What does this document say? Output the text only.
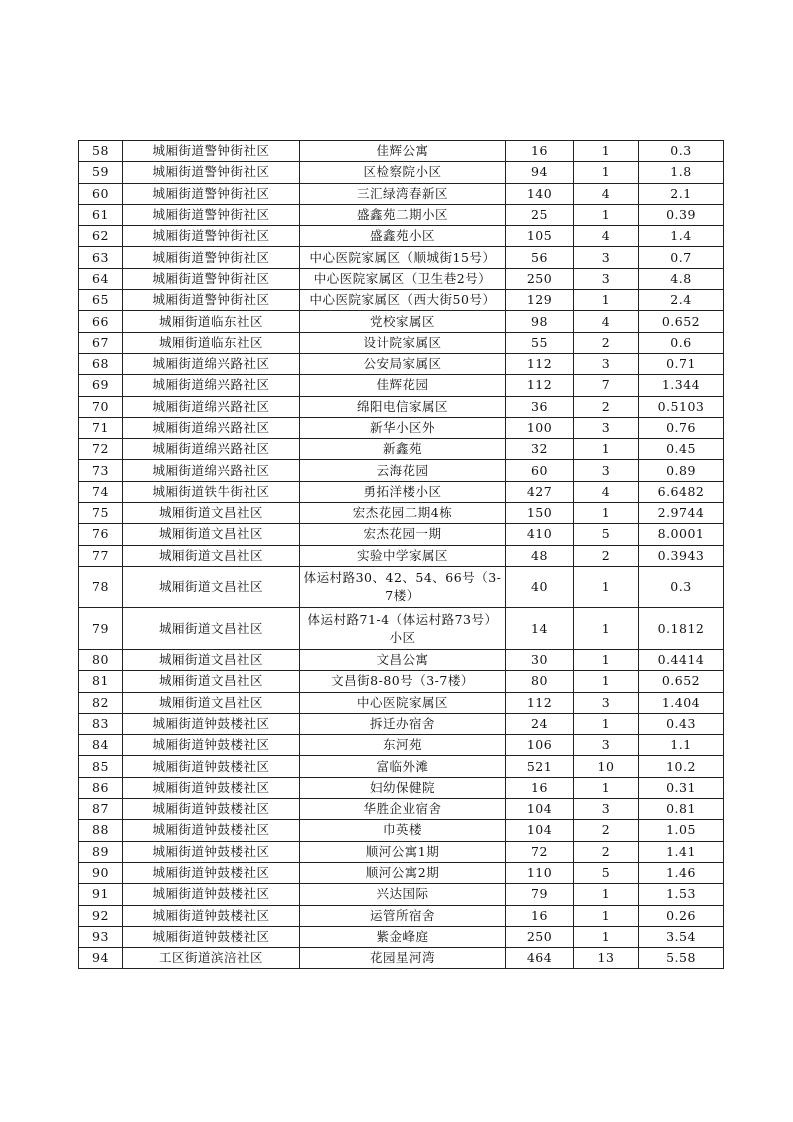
58	城厢街道警钟街社区	佳辉公寓	16	1	0.3
59	城厢街道警钟街社区	区检察院小区	94	1	1.8
60	城厢街道警钟街社区	三汇绿湾春新区	140	4	2.1
61	城厢街道警钟街社区	盛鑫苑二期小区	25	1	0.39
62	城厢街道警钟街社区	盛鑫苑小区	105	4	1.4
63	城厢街道警钟街社区	中心医院家属区（顺城街15号）	56	3	0.7
64	城厢街道警钟街社区	中心医院家属区（卫生巷2号）	250	3	4.8
65	城厢街道警钟街社区	中心医院家属区（西大街50号）	129	1	2.4
66	城厢街道临东社区	党校家属区	98	4	0.652
67	城厢街道临东社区	设计院家属区	55	2	0.6
68	城厢街道绵兴路社区	公安局家属区	112	3	0.71
69	城厢街道绵兴路社区	佳辉花园	112	7	1.344
70	城厢街道绵兴路社区	绵阳电信家属区	36	2	0.5103
71	城厢街道绵兴路社区	新华小区外	100	3	0.76
72	城厢街道绵兴路社区	新鑫苑	32	1	0.45
73	城厢街道绵兴路社区	云海花园	60	3	0.89
74	城厢街道铁牛街社区	勇拓洋楼小区	427	4	6.6482
75	城厢街道文昌社区	宏杰花园二期4栋	150	1	2.9744
76	城厢街道文昌社区	宏杰花园一期	410	5	8.0001
77	城厢街道文昌社区	实验中学家属区	48	2	0.3943
78	城厢街道文昌社区	体运村路30、42、54、66号（3-7楼）	40	1	0.3
79	城厢街道文昌社区	体运村路71-4（体运村路73号）小区	14	1	0.1812
80	城厢街道文昌社区	文昌公寓	30	1	0.4414
81	城厢街道文昌社区	文昌街8-80号（3-7楼）	80	1	0.652
82	城厢街道文昌社区	中心医院家属区	112	3	1.404
83	城厢街道钟鼓楼社区	拆迁办宿舍	24	1	0.43
84	城厢街道钟鼓楼社区	东河苑	106	3	1.1
85	城厢街道钟鼓楼社区	富临外滩	521	10	10.2
86	城厢街道钟鼓楼社区	妇幼保健院	16	1	0.31
87	城厢街道钟鼓楼社区	华胜企业宿舍	104	3	0.81
88	城厢街道钟鼓楼社区	巾英楼	104	2	1.05
89	城厢街道钟鼓楼社区	顺河公寓1期	72	2	1.41
90	城厢街道钟鼓楼社区	顺河公寓2期	110	5	1.46
91	城厢街道钟鼓楼社区	兴达国际	79	1	1.53
92	城厢街道钟鼓楼社区	运管所宿舍	16	1	0.26
93	城厢街道钟鼓楼社区	紫金峰庭	250	1	3.54
94	工区街道滨涪社区	花园星河湾	464	13	5.58
